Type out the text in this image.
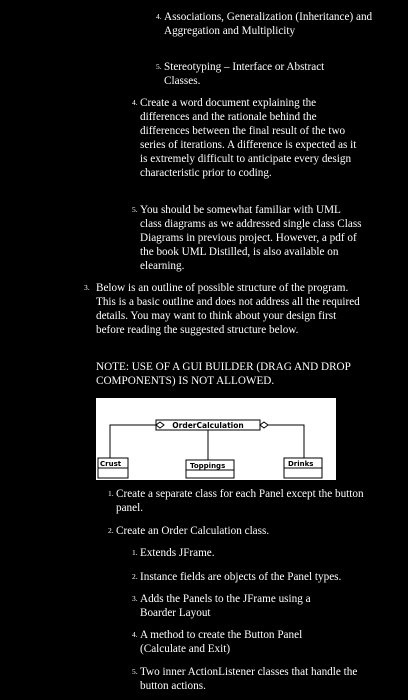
4. Associations, Generalization (Inheritance) and Aggregation and Multiplicity
5. Stereotyping – Interface or Abstract Classes.
4. Create a word document explaining the differences and the rationale behind the differences between the final result of the two series of iterations. A difference is expected as it is extremely difficult to anticipate every design characteristic prior to coding.
5. You should be somewhat familiar with UML class diagrams as we addressed single class Class Diagrams in previous project. However, a pdf of the book UML Distilled, is also available on elearning.
3. Below is an outline of possible structure of the program. This is a basic outline and does not address all the required details. You may want to think about your design first before reading the suggested structure below.
NOTE: USE OF A GUI BUILDER (DRAG AND DROP COMPONENTS) IS NOT ALLOWED.
OrderCalculation
Crust	Toppings	Drinks
1. Create a separate class for each Panel except the button panel.
2. Create an Order Calculation class.
1. Extends JFrame.
2. Instance fields are objects of the Panel types.
3. Adds the Panels to the JFrame using a Boarder Layout
4. A method to create the Button Panel (Calculate and Exit)
5. Two inner ActionListener classes that handle the button actions.
